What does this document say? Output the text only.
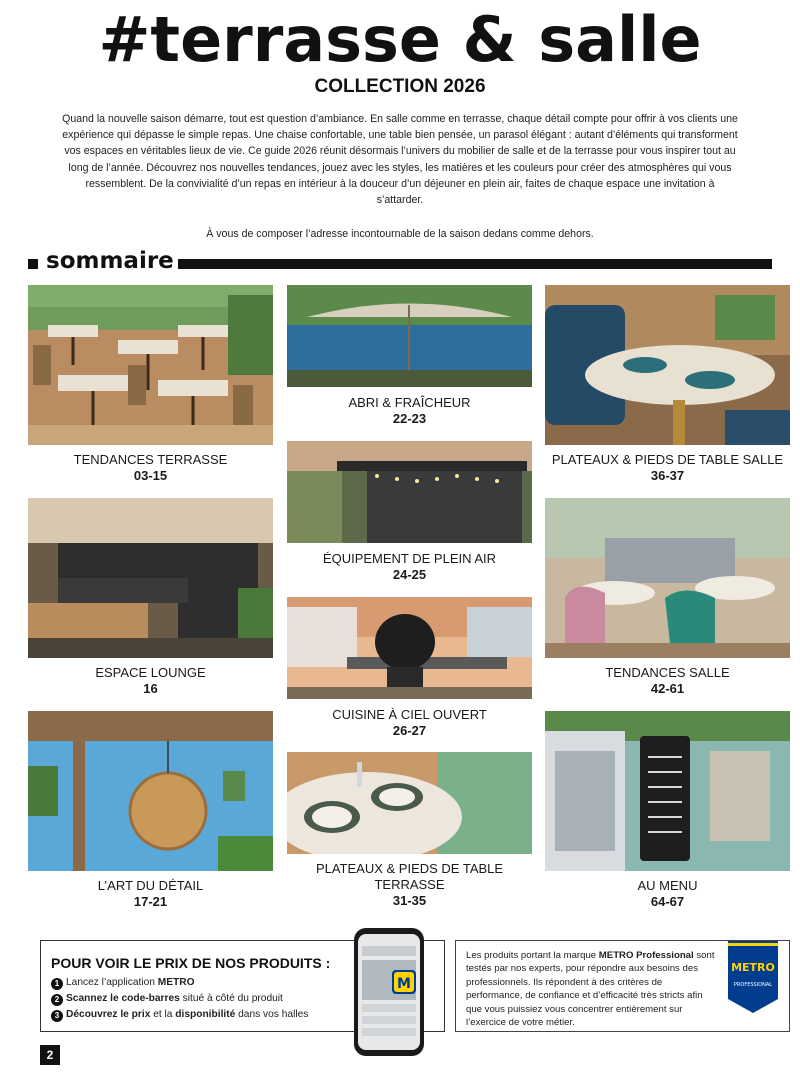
#terrasse & salle
COLLECTION 2026
Quand la nouvelle saison démarre, tout est question d’ambiance. En salle comme en terrasse, chaque détail compte pour offrir à vos clients une expérience qui dépasse le simple repas. Une chaise confortable, une table bien pensée, un parasol élégant : autant d’éléments qui transforment vos espaces en véritables lieux de vie. Ce guide 2026 réunit désormais l’univers du mobilier de salle et de la terrasse pour vous inspirer tout au long de l’année. Découvrez nos nouvelles tendances, jouez avec les styles, les matières et les couleurs pour créer des atmosphères qui vous ressemblent. De la convivialité d’un repas en intérieur à la douceur d’un déjeuner en plein air, faites de chaque espace une invitation à s’attarder.
À vous de composer l’adresse incontournable de la saison dedans comme dehors.
sommaire
TENDANCES TERRASSE
03-15
ABRI & FRAÎCHEUR
22-23
PLATEAUX & PIEDS DE TABLE SALLE
36-37
ÉQUIPEMENT DE PLEIN AIR
24-25
ESPACE LOUNGE
16
TENDANCES SALLE
42-61
CUISINE À CIEL OUVERT
26-27
L’ART DU DÉTAIL
17-21
PLATEAUX & PIEDS DE TABLE TERRASSE
31-35
AU MENU
64-67
POUR VOIR LE PRIX DE NOS PRODUITS :
1 Lancez l’application METRO
2 Scannez le code-barres situé à côté du produit
3 Découvrez le prix et la disponibilité dans vos halles
M
Les produits portant la marque METRO Professional sont testés par nos experts, pour répondre aux besoins des professionnels. Ils répondent à des critères de performance, de confiance et d’efficacité très stricts afin que vous puissiez vous concentrer entièrement sur l’exercice de votre métier.
METRO
PROFESSIONAL
2
